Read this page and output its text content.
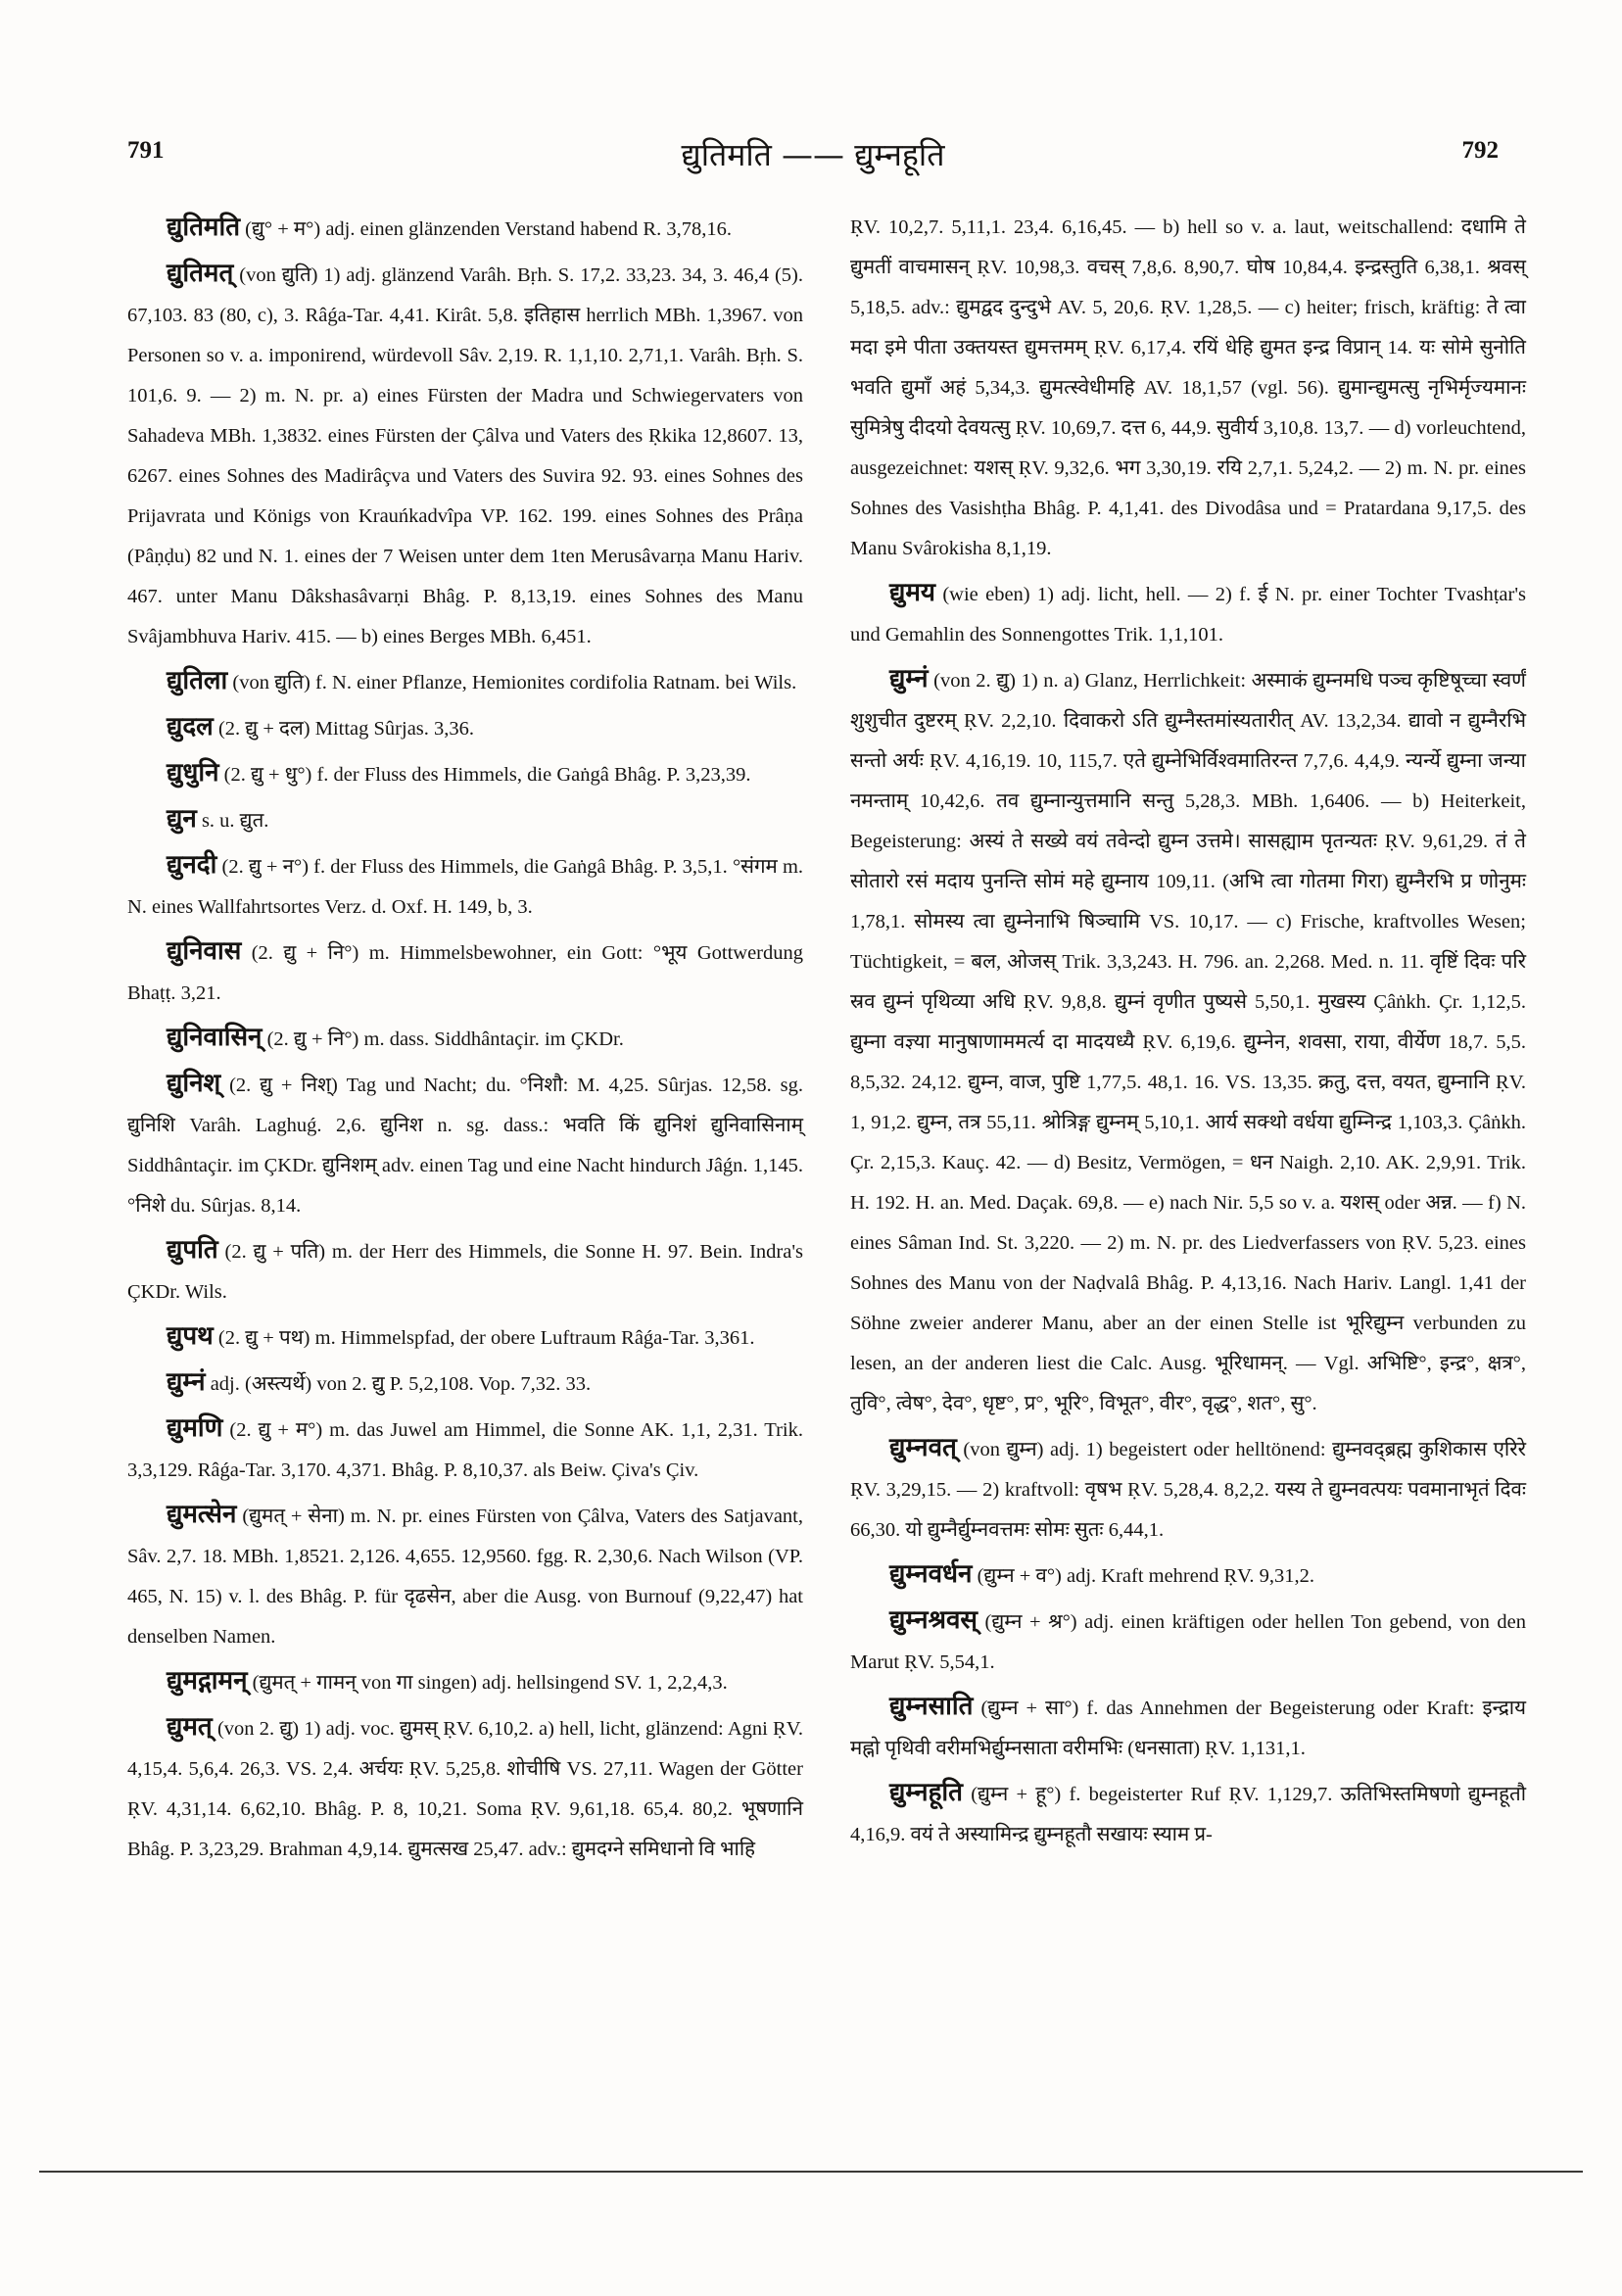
791	द्युतिमति —— द्युम्नहूति	792

द्युतिमति (द्यु° + म°) adj. einen glänzenden Verstand habend R. 3,78,16.

द्युतिमत् (von द्युति) 1) adj. glänzend Varâh. Bṛh. S. 17,2. 33,23. 34, 3. 46,4 (5). 67,103. 83 (80, c), 3. Râǵa-Tar. 4,41. Kirât. 5,8. इतिहास herrlich MBh. 1,3967. von Personen so v. a. imponirend, würdevoll Sâv. 2,19. R. 1,1,10. 2,71,1. Varâh. Bṛh. S. 101,6. 9. — 2) m. N. pr. a) eines Fürsten der Madra und Schwiegervaters von Sahadeva MBh. 1,3832. eines Fürsten der Çâlva und Vaters des Ṛkika 12,8607. 13, 6267. eines Sohnes des Madirâçva und Vaters des Suvira 92. 93. eines Sohnes des Prijavrata und Königs von Krauńkadvîpa VP. 162. 199. eines Sohnes des Prâṇa (Pâṇḍu) 82 und N. 1. eines der 7 Weisen unter dem 1ten Merusâvarṇa Manu Hariv. 467. unter Manu Dâkshasâvarṇi Bhâg. P. 8,13,19. eines Sohnes des Manu Svâjambhuva Hariv. 415. — b) eines Berges MBh. 6,451.

द्युतिला (von द्युति) f. N. einer Pflanze, Hemionites cordifolia Ratnam. bei Wils.

द्युदल (2. द्यु + दल) Mittag Sûrjas. 3,36.

द्युधुनि (2. द्यु + धु°) f. der Fluss des Himmels, die Gaṅgâ Bhâg. P. 3,23,39.

द्युन s. u. द्युत.

द्युनदी (2. द्यु + न°) f. der Fluss des Himmels, die Gaṅgâ Bhâg. P. 3,5,1. °संगम m. N. eines Wallfahrtsortes Verz. d. Oxf. H. 149, b, 3.

द्युनिवास (2. द्यु + नि°) m. Himmelsbewohner, ein Gott: °भूय Gottwerdung Bhaṭṭ. 3,21.

द्युनिवासिन् (2. द्यु + नि°) m. dass. Siddhântaçir. im ÇKDr.

द्युनिश् (2. द्यु + निश्) Tag und Nacht; du. °निशौ: M. 4,25. Sûrjas. 12,58. sg. द्युनिशि Varâh. Laghuǵ. 2,6. द्युनिश n. sg. dass.: भवति किं द्युनिशं द्युनिवासिनाम् Siddhântaçir. im ÇKDr. द्युनिशम् adv. einen Tag und eine Nacht hindurch Jâǵn. 1,145. °निशे du. Sûrjas. 8,14.

द्युपति (2. द्यु + पति) m. der Herr des Himmels, die Sonne H. 97. Bein. Indra's ÇKDr. Wils.

द्युपथ (2. द्यु + पथ) m. Himmelspfad, der obere Luftraum Râǵa-Tar. 3,361.

द्युम्नं adj. (अस्त्यर्थे) von 2. द्यु P. 5,2,108. Vop. 7,32. 33.

द्युमणि (2. द्यु + म°) m. das Juwel am Himmel, die Sonne AK. 1,1, 2,31. Trik. 3,3,129. Râǵa-Tar. 3,170. 4,371. Bhâg. P. 8,10,37. als Beiw. Çiva's Çiv.

द्युमत्सेन (द्युमत् + सेना) m. N. pr. eines Fürsten von Çâlva, Vaters des Satjavant, Sâv. 2,7. 18. MBh. 1,8521. 2,126. 4,655. 12,9560. fgg. R. 2,30,6. Nach Wilson (VP. 465, N. 15) v. l. des Bhâg. P. für दृढसेन, aber die Ausg. von Burnouf (9,22,47) hat denselben Namen.

द्युमद्गामन् (द्युमत् + गामन् von गा singen) adj. hellsingend SV. 1, 2,2,4,3.

द्युमत् (von 2. द्यु) 1) adj. voc. द्युमस् ṚV. 6,10,2. a) hell, licht, glänzend: Agni ṚV. 4,15,4. 5,6,4. 26,3. VS. 2,4. अर्चयः ṚV. 5,25,8. शोचीषि VS. 27,11. Wagen der Götter ṚV. 4,31,14. 6,62,10. Bhâg. P. 8, 10,21. Soma ṚV. 9,61,18. 65,4. 80,2. भूषणानि Bhâg. P. 3,23,29. Brahman 4,9,14. द्युमत्सख 25,47. adv.: द्युमदग्ने समिधानो वि भाहि

ṚV. 10,2,7. 5,11,1. 23,4. 6,16,45. — b) hell so v. a. laut, weitschallend: दधामि ते द्युमतीं वाचमासन् ṚV. 10,98,3. वचस् 7,8,6. 8,90,7. घोष 10,84,4. इन्द्रस्तुति 6,38,1. श्रवस् 5,18,5. adv.: द्युमद्वद दुन्दुभे AV. 5, 20,6. ṚV. 1,28,5. — c) heiter; frisch, kräftig: ते त्वा मदा इमे पीता उक्तयस्त द्युमत्तमम् ṚV. 6,17,4. रयिं धेहि द्युमत इन्द्र विप्रान् 14. यः सोमे सुनोति भवति द्युमाँ अहं 5,34,3. द्युमत्स्वेधीमहि AV. 18,1,57 (vgl. 56). द्युमान्द्युमत्सु नृभिर्मृज्यमानः सुमित्रेषु दीदयो देवयत्सु ṚV. 10,69,7. दत्त 6, 44,9. सुवीर्य 3,10,8. 13,7. — d) vorleuchtend, ausgezeichnet: यशस् ṚV. 9,32,6. भग 3,30,19. रयि 2,7,1. 5,24,2. — 2) m. N. pr. eines Sohnes des Vasishṭha Bhâg. P. 4,1,41. des Divodâsa und = Pratardana 9,17,5. des Manu Svârokisha 8,1,19.

द्युमय (wie eben) 1) adj. licht, hell. — 2) f. ई N. pr. einer Tochter Tvashṭar's und Gemahlin des Sonnengottes Trik. 1,1,101.

द्युम्नं (von 2. द्यु) 1) n. a) Glanz, Herrlichkeit: अस्माकं द्युम्नमधि पञ्च कृष्टिषूच्चा स्वर्णं शुशुचीत दुष्टरम् ṚV. 2,2,10. दिवाकरो ऽति द्युम्नैस्तमांस्यतारीत् AV. 13,2,34. द्यावो न द्युम्नैरभि सन्तो अर्यः ṚV. 4,16,19. 10, 115,7. एते द्युम्नेभिर्विश्वमातिरन्त 7,7,6. 4,4,9. न्यर्न्ये द्युम्ना जन्या नमन्ताम् 10,42,6. तव द्युम्नान्युत्तमानि सन्तु 5,28,3. MBh. 1,6406. — b) Heiterkeit, Begeisterung: अस्यं ते सख्ये वयं तवेन्दो द्युम्न उत्तमे। सासह्याम पृतन्यतः ṚV. 9,61,29. तं ते सोतारो रसं मदाय पुनन्ति सोमं महे द्युम्नाय 109,11. (अभि त्वा गोतमा गिरा) द्युम्नैरभि प्र णोनुमः 1,78,1. सोमस्य त्वा द्युम्नेनाभि षिञ्चामि VS. 10,17. — c) Frische, kraftvolles Wesen; Tüchtigkeit, = बल, ओजस् Trik. 3,3,243. H. 796. an. 2,268. Med. n. 11. वृष्टिं दिवः परि स्रव द्युम्नं पृथिव्या अधि ṚV. 9,8,8. द्युम्नं वृणीत पुष्यसे 5,50,1. मुखस्य Çâṅkh. Çr. 1,12,5. द्युम्ना वज्ञ्या मानुषाणाममर्त्य दा मादयध्यै ṚV. 6,19,6. द्युम्नेन, शवसा, राया, वीर्येण 18,7. 5,5. 8,5,32. 24,12. द्युम्न, वाज, पुष्टि 1,77,5. 48,1. 16. VS. 13,35. क्रतु, दत्त, वयत, द्युम्नानि ṚV. 1, 91,2. द्युम्न, तत्र 55,11. श्रोत्रिङ्ग द्युम्नम् 5,10,1. आर्य सक्थो वर्धया द्युम्निन्द्र 1,103,3. Çâṅkh. Çr. 2,15,3. Kauç. 42. — d) Besitz, Vermögen, = धन Naigh. 2,10. AK. 2,9,91. Trik. H. 192. H. an. Med. Daçak. 69,8. — e) nach Nir. 5,5 so v. a. यशस् oder अन्न. — f) N. eines Sâman Ind. St. 3,220. — 2) m. N. pr. des Liedverfassers von ṚV. 5,23. eines Sohnes des Manu von der Naḍvalâ Bhâg. P. 4,13,16. Nach Hariv. Langl. 1,41 der Söhne zweier anderer Manu, aber an der einen Stelle ist भूरिद्युम्न verbunden zu lesen, an der anderen liest die Calc. Ausg. भूरिधामन्. — Vgl. अभिष्टि°, इन्द्र°, क्षत्र°, तुवि°, त्वेष°, देव°, धृष्ट°, प्र°, भूरि°, विभूत°, वीर°, वृद्ध°, शत°, सु°.

द्युम्नवत् (von द्युम्न) adj. 1) begeistert oder helltönend: द्युम्नवद्ब्रह्म कुशिकास एरिरे ṚV. 3,29,15. — 2) kraftvoll: वृषभ ṚV. 5,28,4. 8,2,2. यस्य ते द्युम्नवत्पयः पवमानाभृतं दिवः 66,30. यो द्युम्नैर्द्युम्नवत्तमः सोमः सुतः 6,44,1.

द्युम्नवर्धन (द्युम्न + व°) adj. Kraft mehrend ṚV. 9,31,2.

द्युम्नश्रवस् (द्युम्न + श्र°) adj. einen kräftigen oder hellen Ton gebend, von den Marut ṚV. 5,54,1.

द्युम्नसाति (द्युम्न + सा°) f. das Annehmen der Begeisterung oder Kraft: इन्द्राय मह्नो पृथिवी वरीमभिर्द्युम्नसाता वरीमभिः (धनसाता) ṚV. 1,131,1.

द्युम्नहूति (द्युम्न + हू°) f. begeisterter Ruf ṚV. 1,129,7. ऊतिभिस्तमिषणो द्युम्नहूतौ 4,16,9. वयं ते अस्यामिन्द्र द्युम्नहूतौ सखायः स्याम प्र-
